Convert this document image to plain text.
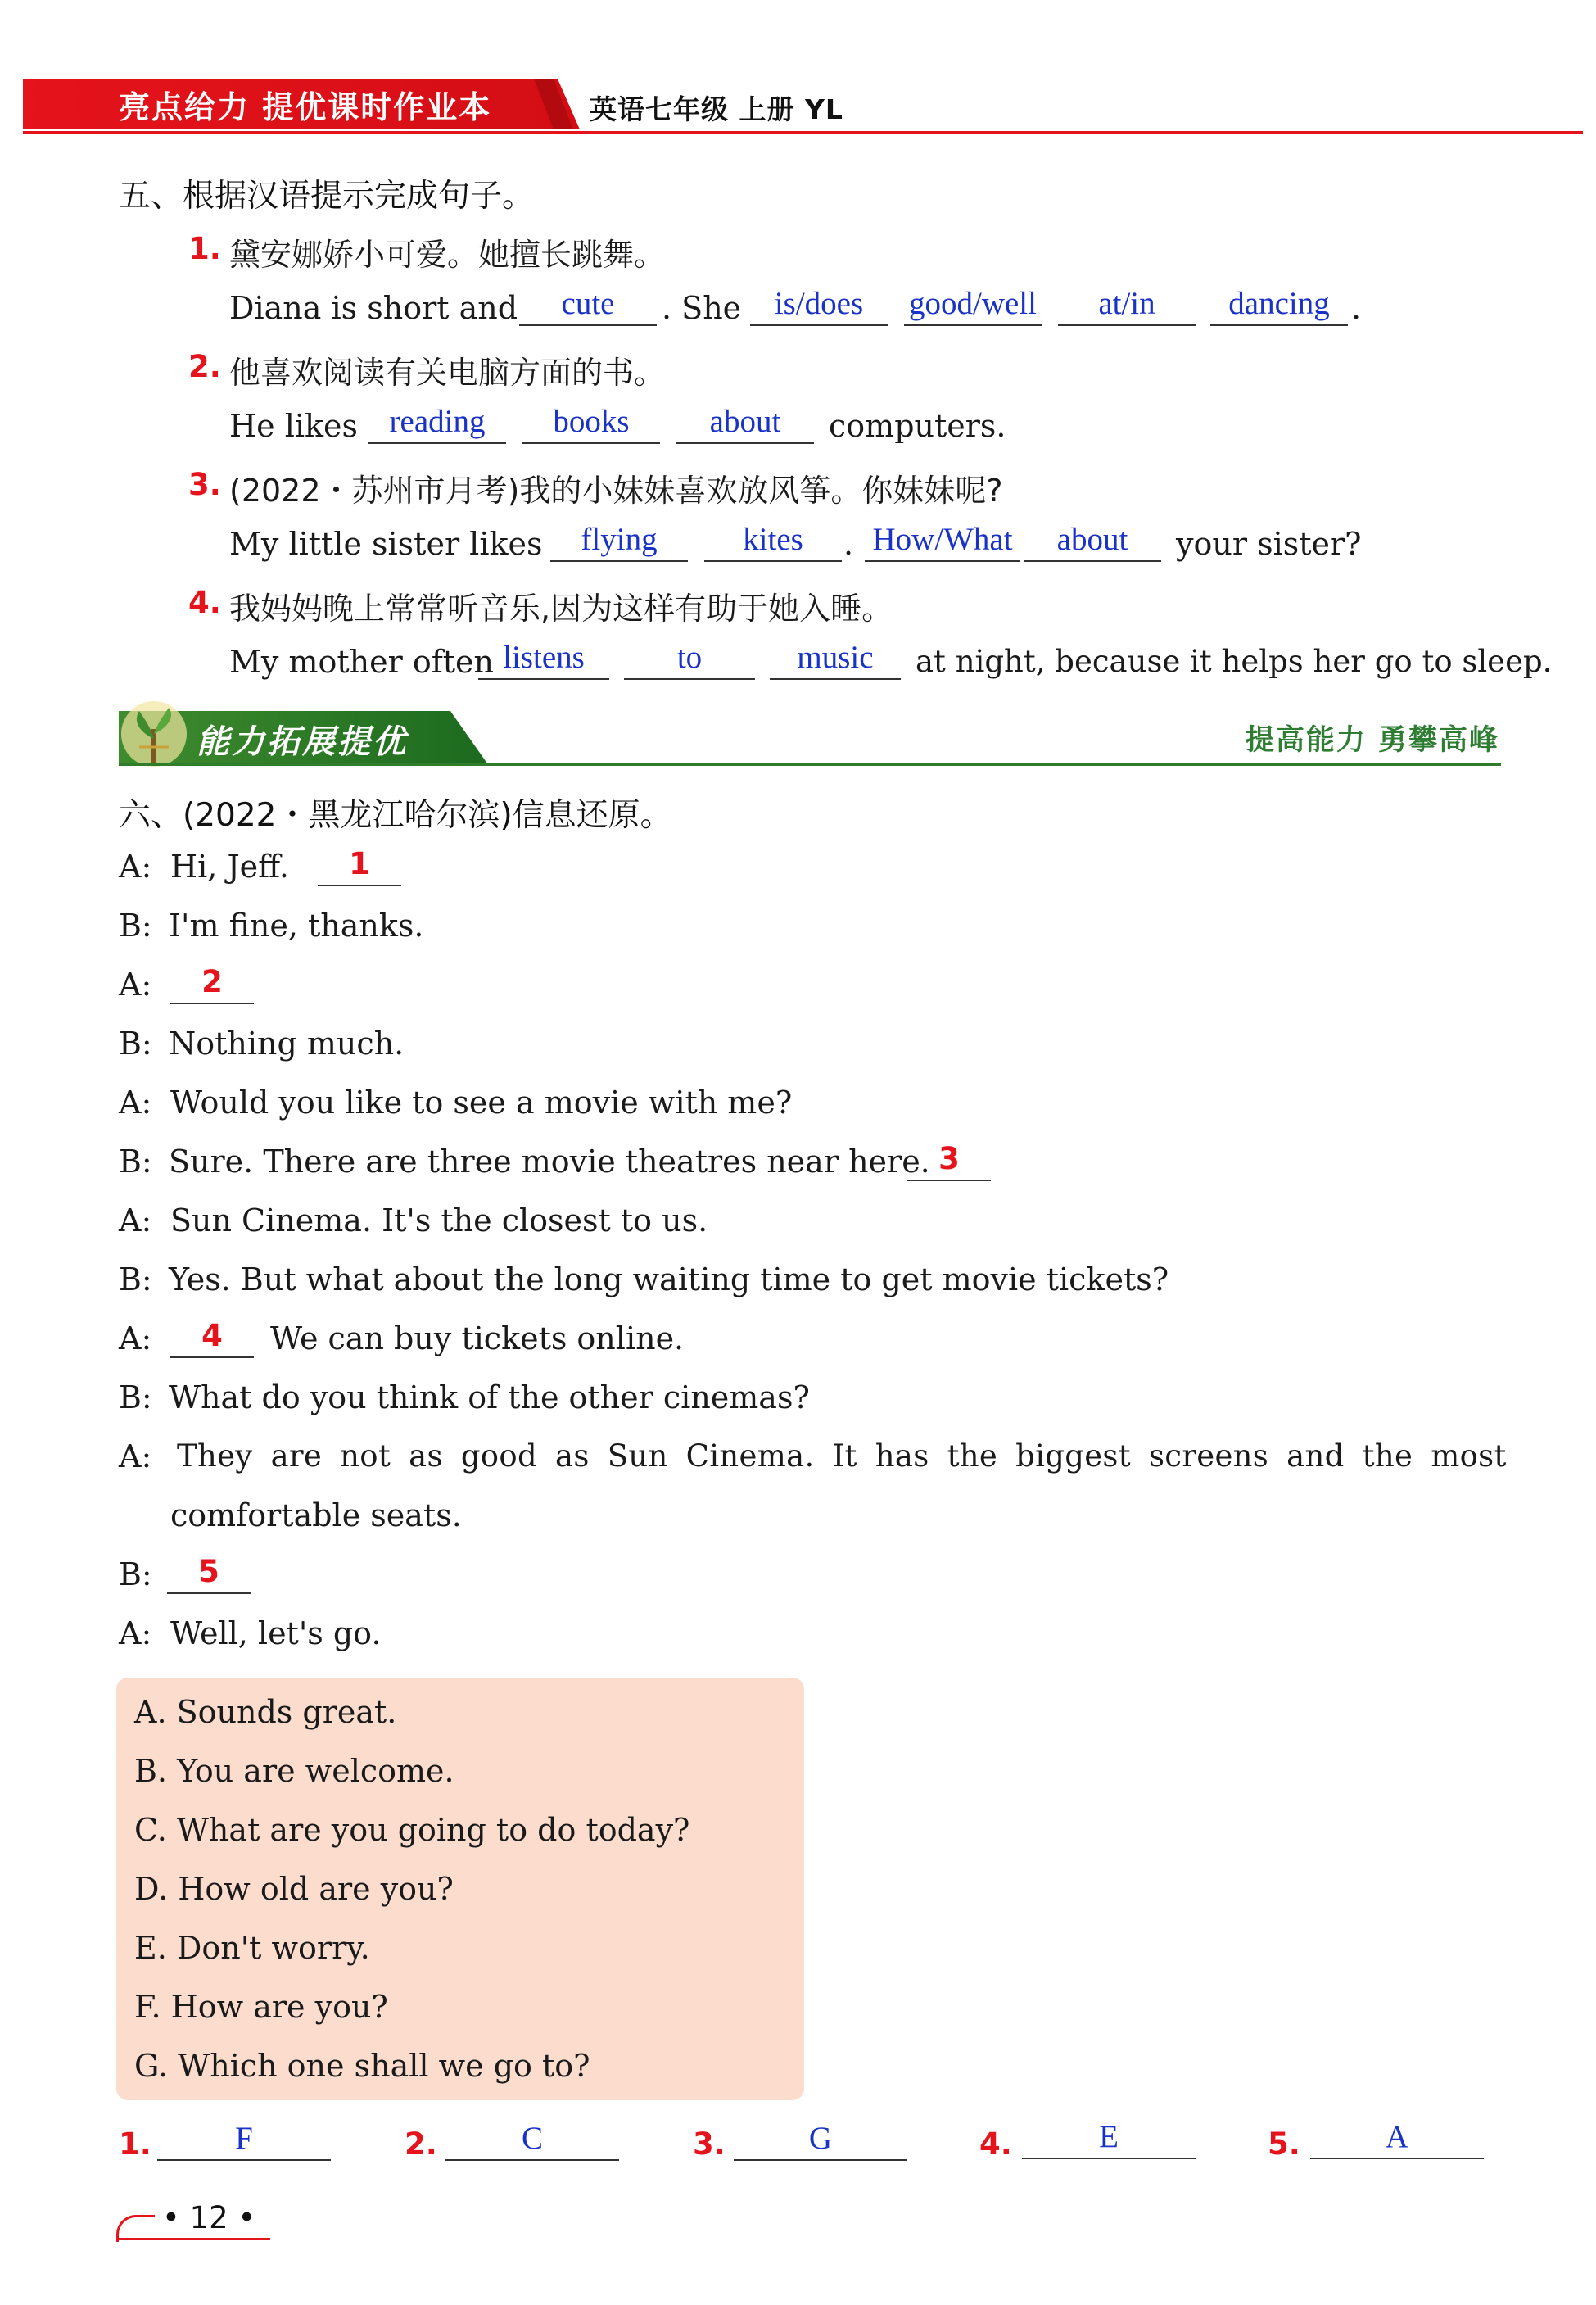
亮点给力 提优课时作业本	英语七年级 上册 YL
五、根据汉语提示完成句子。
1. 黛安娜娇小可爱。她擅长跳舞。
Diana is short and	cute	. She	is/does	good/well	at/in	dancing .
2. 他喜欢阅读有关电脑方面的书。
He likes reading	books	about	computers.
3. (2022・苏州市月考)我的小妹妹喜欢放风筝。你妹妹呢?
My little sister likes	flying	kites	. How/What	about	your sister?
4. 我妈妈晚上常常听音乐,因为这样有助于她入睡。
My mother often listens	to	music	at night, because it helps her go to sleep.
能力拓展提优	提高能力 勇攀高峰
六、(2022・黑龙江哈尔滨)信息还原。
A: Hi, Jeff.	1
B: I'm fine, thanks.
A:	2
B: Nothing much.
A: Would you like to see a movie with me?
B: Sure. There are three movie theatres near here. 3
A: Sun Cinema. It's the closest to us.
B: Yes. But what about the long waiting time to get movie tickets?
A:	4	We can buy tickets online.
B: What do you think of the other cinemas?
A: They are not as good as Sun Cinema. It has the biggest screens and the most
comfortable seats.
B:	5
A: Well, let's go.
A. Sounds great.
B. You are welcome.
C. What are you going to do today?
D. How old are you?
E. Don't worry.
F. How are you?
G. Which one shall we go to?
1.	F	2.	C	3.	G	4.	E	5.	A
• 12 •
